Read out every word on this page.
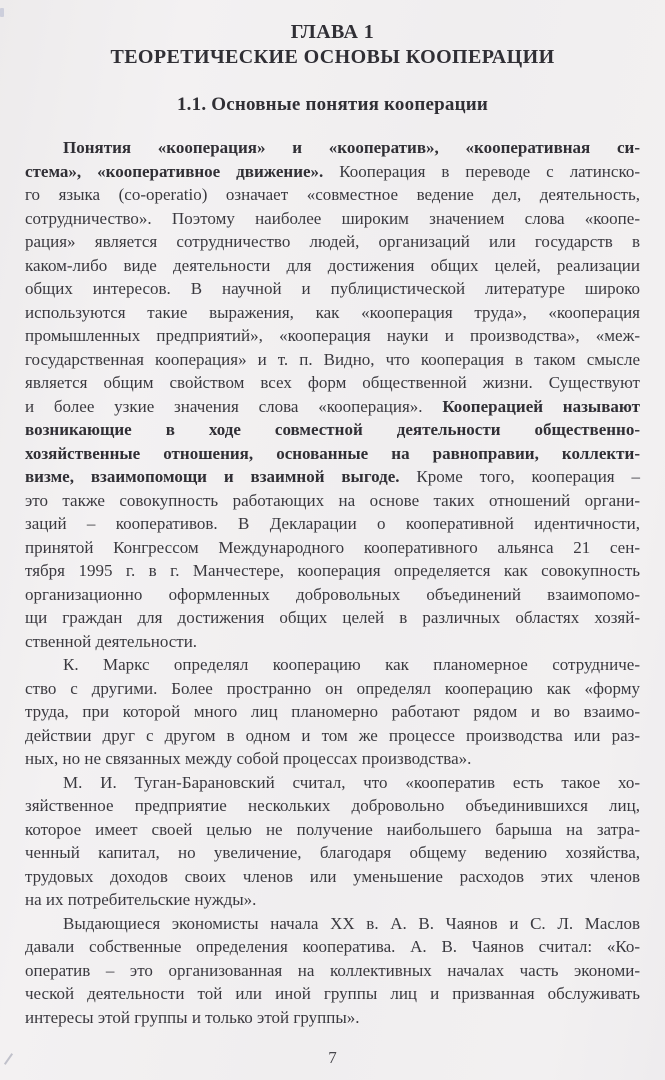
ГЛАВА 1
ТЕОРЕТИЧЕСКИЕ ОСНОВЫ КООПЕРАЦИИ
1.1. Основные понятия кооперации
Понятия «кооперация» и «кооператив», «кооперативная си-
стема», «кооперативное движение». Кооперация в переводе с латинско-
го языка (co-operatio) означает «совместное ведение дел, деятельность,
сотрудничество». Поэтому наиболее широким значением слова «коопе-
рация» является сотрудничество людей, организаций или государств в
каком-либо виде деятельности для достижения общих целей, реализации
общих интересов. В научной и публицистической литературе широко
используются такие выражения, как «кооперация труда», «кооперация
промышленных предприятий», «кооперация науки и производства», «меж-
государственная кооперация» и т. п. Видно, что кооперация в таком смысле
является общим свойством всех форм общественной жизни. Существуют
и более узкие значения слова «кооперация». Кооперацией называют
возникающие в ходе совместной деятельности общественно-
хозяйственные отношения, основанные на равноправии, коллекти-
визме, взаимопомощи и взаимной выгоде. Кроме того, кооперация –
это также совокупность работающих на основе таких отношений органи-
заций – кооперативов. В Декларации о кооперативной идентичности,
принятой Конгрессом Международного кооперативного альянса 21 сен-
тября 1995 г. в г. Манчестере, кооперация определяется как совокупность
организационно оформленных добровольных объединений взаимопомо-
щи граждан для достижения общих целей в различных областях хозяй-
ственной деятельности.
К. Маркс определял кооперацию как планомерное сотрудниче-
ство с другими. Более пространно он определял кооперацию как «форму
труда, при которой много лиц планомерно работают рядом и во взаимо-
действии друг с другом в одном и том же процессе производства или раз-
ных, но не связанных между собой процессах производства».
М. И. Туган-Барановский считал, что «кооператив есть такое хо-
зяйственное предприятие нескольких добровольно объединившихся лиц,
которое имеет своей целью не получение наибольшего барыша на затра-
ченный капитал, но увеличение, благодаря общему ведению хозяйства,
трудовых доходов своих членов или уменьшение расходов этих членов
на их потребительские нужды».
Выдающиеся экономисты начала XX в. А. В. Чаянов и С. Л. Маслов
давали собственные определения кооператива. А. В. Чаянов считал: «Ко-
оператив – это организованная на коллективных началах часть экономи-
ческой деятельности той или иной группы лиц и призванная обслуживать
интересы этой группы и только этой группы».
7
